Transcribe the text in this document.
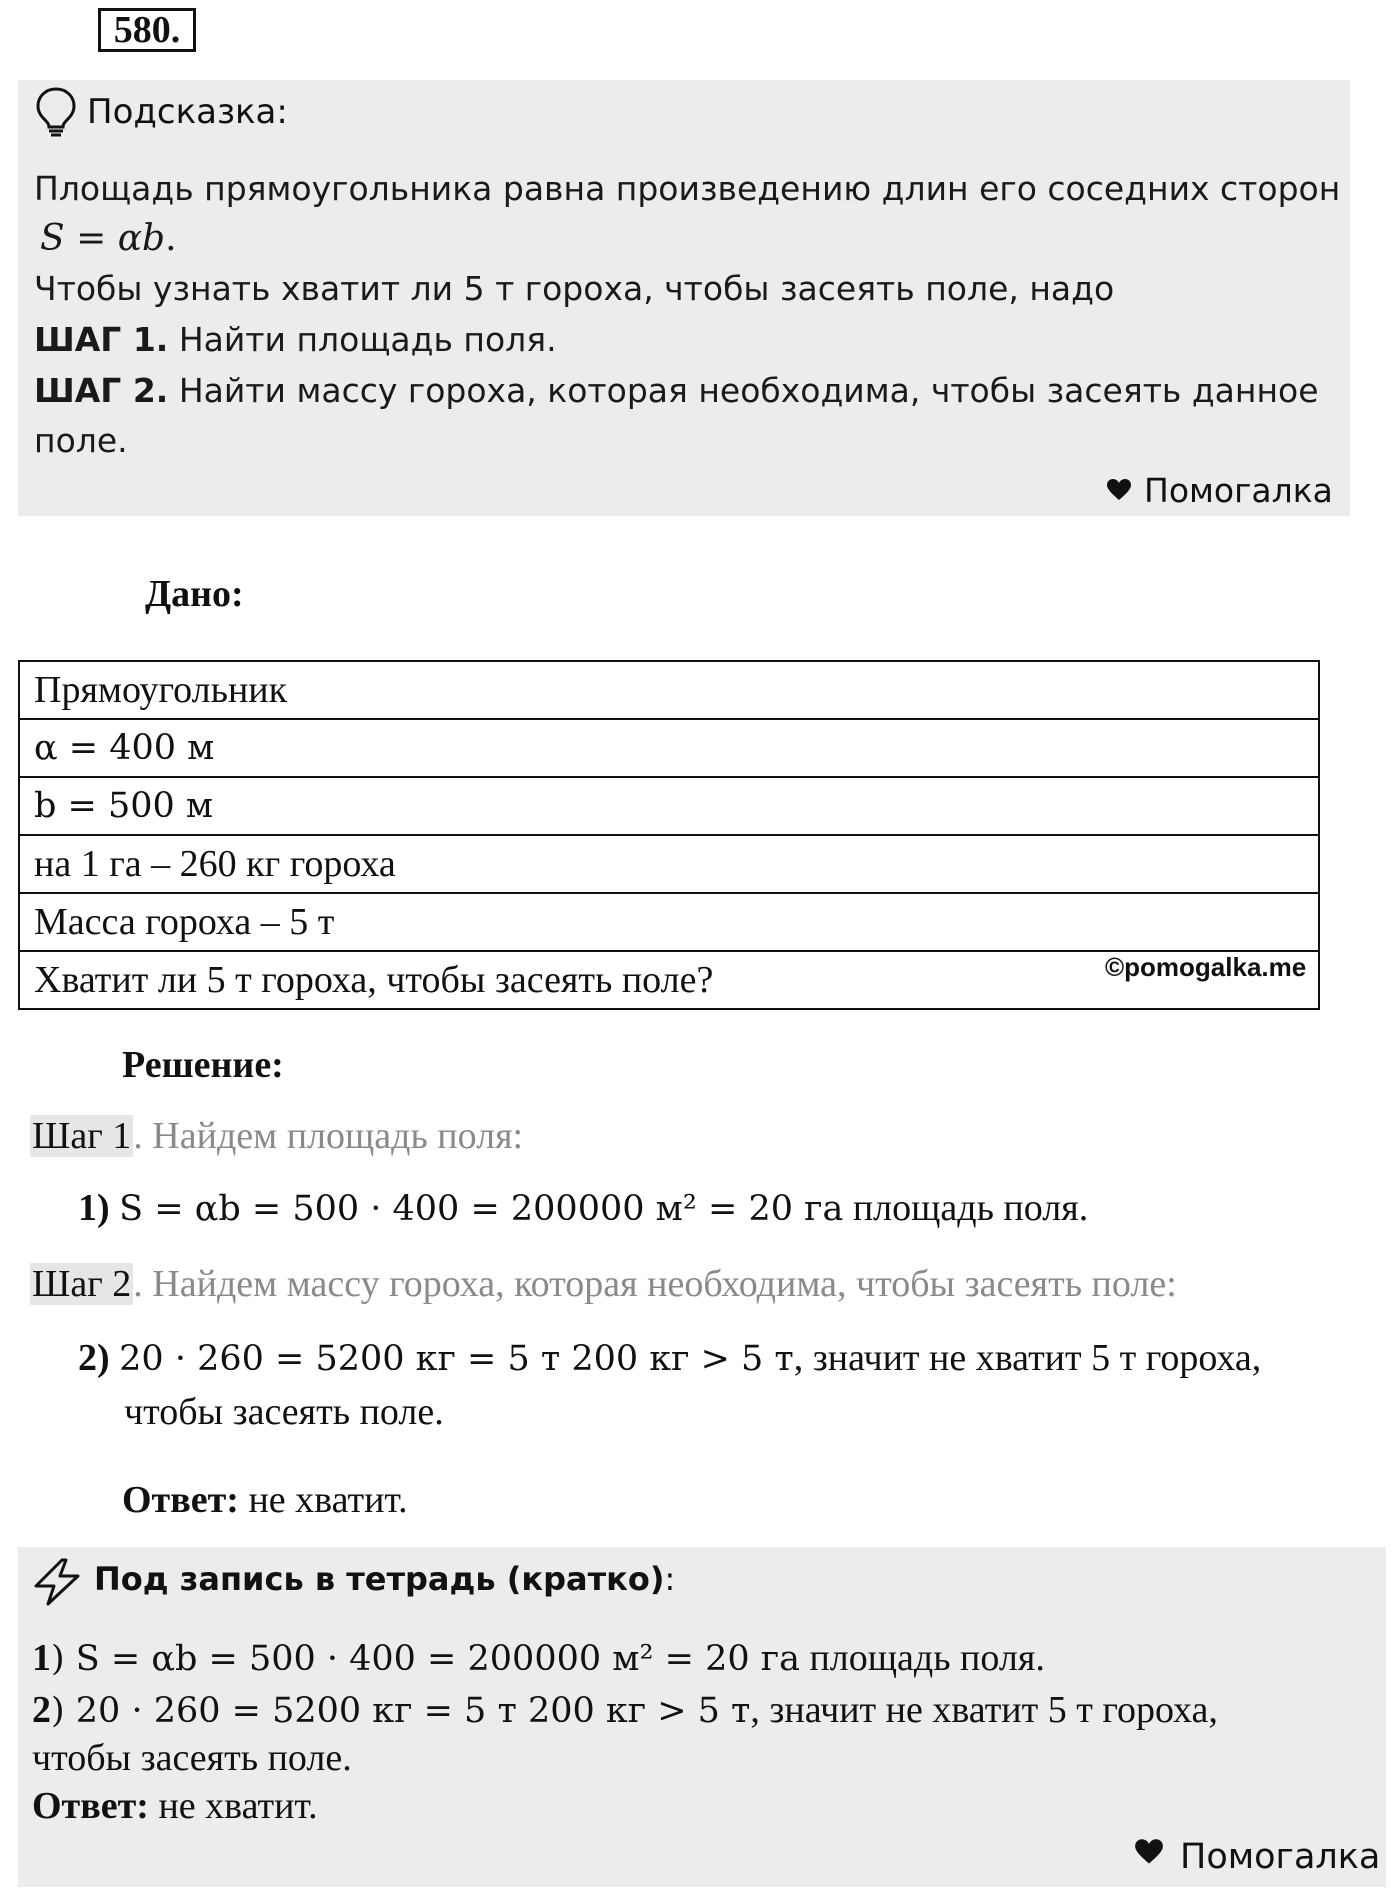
580.
Подсказка:
Площадь прямоугольника равна произведению длин его соседних сторон
S = αb.
Чтобы узнать хватит ли 5 т гороха, чтобы засеять поле, надо
ШАГ 1. Найти площадь поля.
ШАГ 2. Найти массу гороха, которая необходима, чтобы засеять данное
поле.
Помогалка
Дано:
Прямоугольник
α = 400 м
b = 500 м
на 1 га – 260 кг гороха
Масса гороха – 5 т
Хватит ли 5 т гороха, чтобы засеять поле?	©pomogalka.me
Решение:
Шаг 1. Найдем площадь поля:
1) S = αb = 500 · 400 = 200000 м² = 20 га площадь поля.
Шаг 2. Найдем массу гороха, которая необходима, чтобы засеять поле:
2) 20 · 260 = 5200 кг = 5 т 200 кг > 5 т, значит не хватит 5 т гороха,
чтобы засеять поле.
Ответ: не хватит.
Под запись в тетрадь (кратко):
1) S = αb = 500 · 400 = 200000 м² = 20 га площадь поля.
2) 20 · 260 = 5200 кг = 5 т 200 кг > 5 т, значит не хватит 5 т гороха,
чтобы засеять поле.
Ответ: не хватит.
Помогалка
